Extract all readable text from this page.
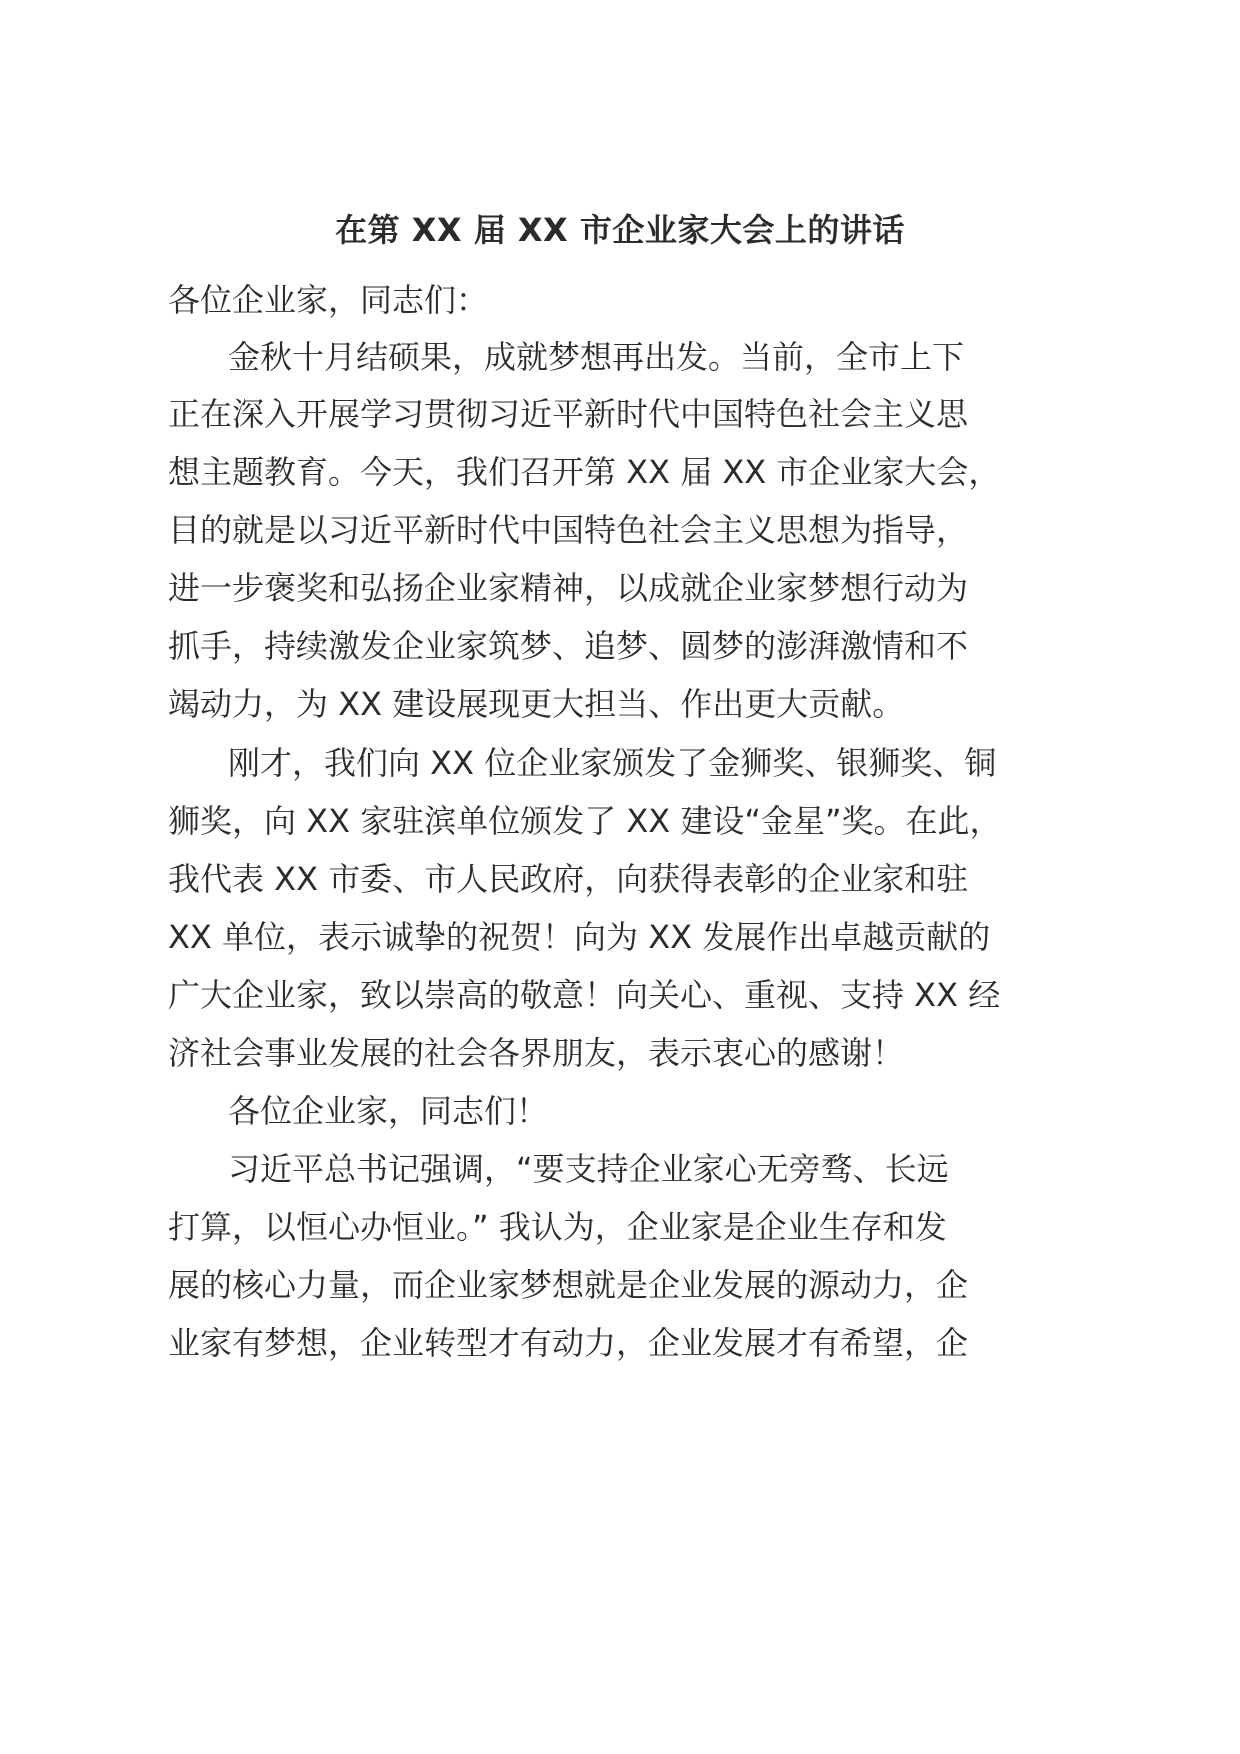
在第 XX 届 XX 市企业家大会上的讲话
各位企业家，同志们：
金秋十月结硕果，成就梦想再出发。当前，全市上下
正在深入开展学习贯彻习近平新时代中国特色社会主义思
想主题教育。今天，我们召开第 XX 届 XX 市企业家大会，
目的就是以习近平新时代中国特色社会主义思想为指导，
进一步褒奖和弘扬企业家精神，以成就企业家梦想行动为
抓手，持续激发企业家筑梦、追梦、圆梦的澎湃激情和不
竭动力，为 XX 建设展现更大担当、作出更大贡献。
刚才，我们向 XX 位企业家颁发了金狮奖、银狮奖、铜
狮奖，向 XX 家驻滨单位颁发了 XX 建设“金星”奖。在此，
我代表 XX 市委、市人民政府，向获得表彰的企业家和驻
XX 单位，表示诚挚的祝贺！向为 XX 发展作出卓越贡献的
广大企业家，致以崇高的敬意！向关心、重视、支持 XX 经
济社会事业发展的社会各界朋友，表示衷心的感谢！
各位企业家，同志们！
习近平总书记强调，“要支持企业家心无旁骛、长远
打算，以恒心办恒业。” 我认为，企业家是企业生存和发
展的核心力量，而企业家梦想就是企业发展的源动力，企
业家有梦想，企业转型才有动力，企业发展才有希望，企
